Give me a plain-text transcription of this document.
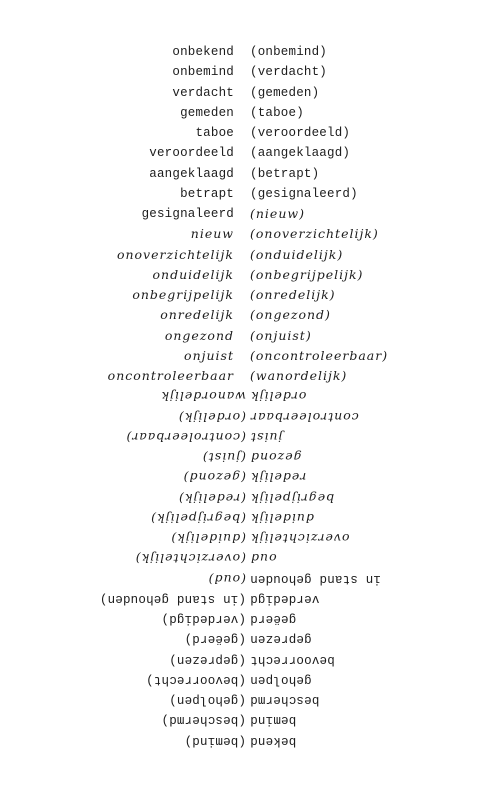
onbekend (onbemind)
onbemind (verdacht)
verdacht (gemeden)
gemeden (taboe)
taboe (veroordeeld)
veroordeeld (aangeklaagd)
aangeklaagd (betrapt)
betrapt (gesignaleerd)
gesignaleerd (nieuw)
nieuw (onoverzichtelijk)
onoverzichtelijk (onduidelijk)
onduidelijk (onbegrijpelijk)
onbegrijpelijk (onredelijk)
onredelijk (ongezond)
ongezond (onjuist)
onjuist (oncontroleerbaar)
oncontroleerbaar (wanordelijk)
ordelijk
wanordelijk
controleerbaar
(ordelijk)
juist
(controleerbaar)
gezond
(juist)
redelijk
(gezond)
begrijpelijk
(redelijk)
duidelijk
(begrijpelijk)
overzichtelijk
(duidelijk)
oud
(overzichtelijk)
in stand gehouden
(oud)
verdedigd
(in stand gehouden)
geëerd
(verdedigd)
geprezen
(geëerd)
bevoorrecht
(geprezen)
geholpen
(bevoorrecht)
beschermd
(geholpen)
bemind
(beschermd)
bekend
(bemind)
